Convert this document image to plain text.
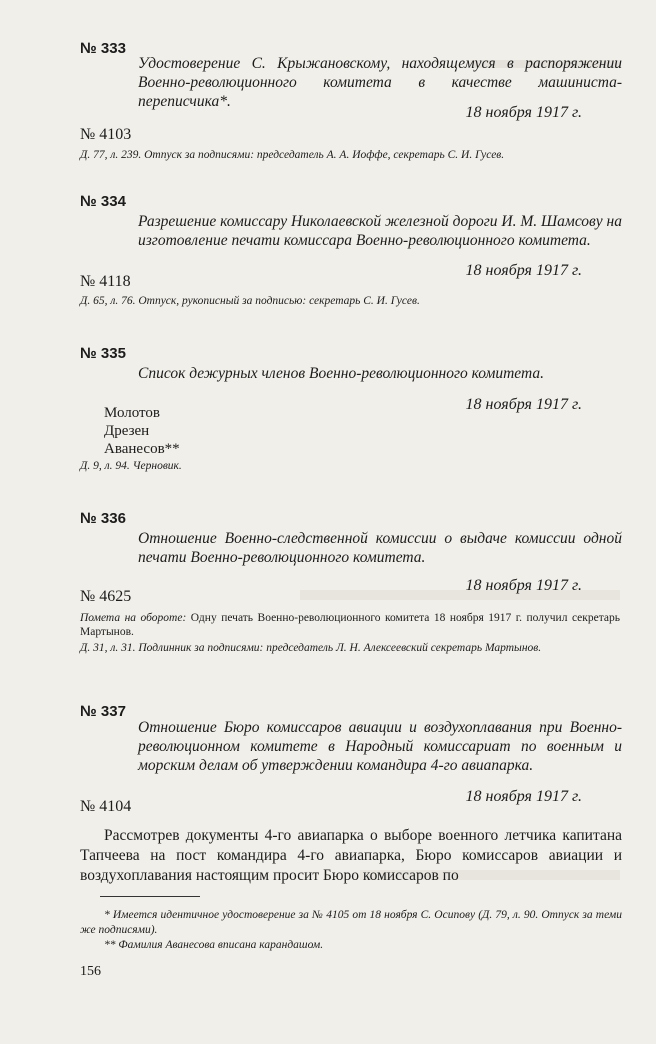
№ 333
Удостоверение С. Крыжановскому, находящемуся в распоряжении Военно-революционного комитета в качестве машиниста-переписчика*.
18 ноября 1917 г.
№ 4103
Д. 77, л. 239. Отпуск за подписями: председатель А. А. Иоффе, секретарь С. И. Гусев.
№ 334
Разрешение комиссару Николаевской железной дороги И. М. Шамсову на изготовление печати комиссара Военно-революционного комитета.
18 ноября 1917 г.
№ 4118
Д. 65, л. 76. Отпуск, рукописный за подписью: секретарь С. И. Гусев.
№ 335
Список дежурных членов Военно-революционного комитета.
18 ноября 1917 г.
Молотов
Дрезен
Аванесов**
Д. 9, л. 94. Черновик.
№ 336
Отношение Военно-следственной комиссии о выдаче комиссии одной печати Военно-революционного комитета.
18 ноября 1917 г.
№ 4625
Помета на обороте: Одну печать Военно-революционного комитета 18 ноября 1917 г. получил секретарь Мартынов.
Д. 31, л. 31. Подлинник за подписями: председатель Л. Н. Алексеевский секретарь Мартынов.
№ 337
Отношение Бюро комиссаров авиации и воздухоплавания при Военно-революционном комитете в Народный комиссариат по военным и морским делам об утверждении командира 4-го авиапарка.
18 ноября 1917 г.
№ 4104
Рассмотрев документы 4-го авиапарка о выборе военного летчика капитана Тапчеева на пост командира 4-го авиапарка, Бюро комиссаров авиации и воздухоплавания настоящим просит Бюро комиссаров по
* Имеется идентичное удостоверение за № 4105 от 18 ноября С. Осипову (Д. 79, л. 90. Отпуск за теми же подписями).
** Фамилия Аванесова вписана карандашом.
156
